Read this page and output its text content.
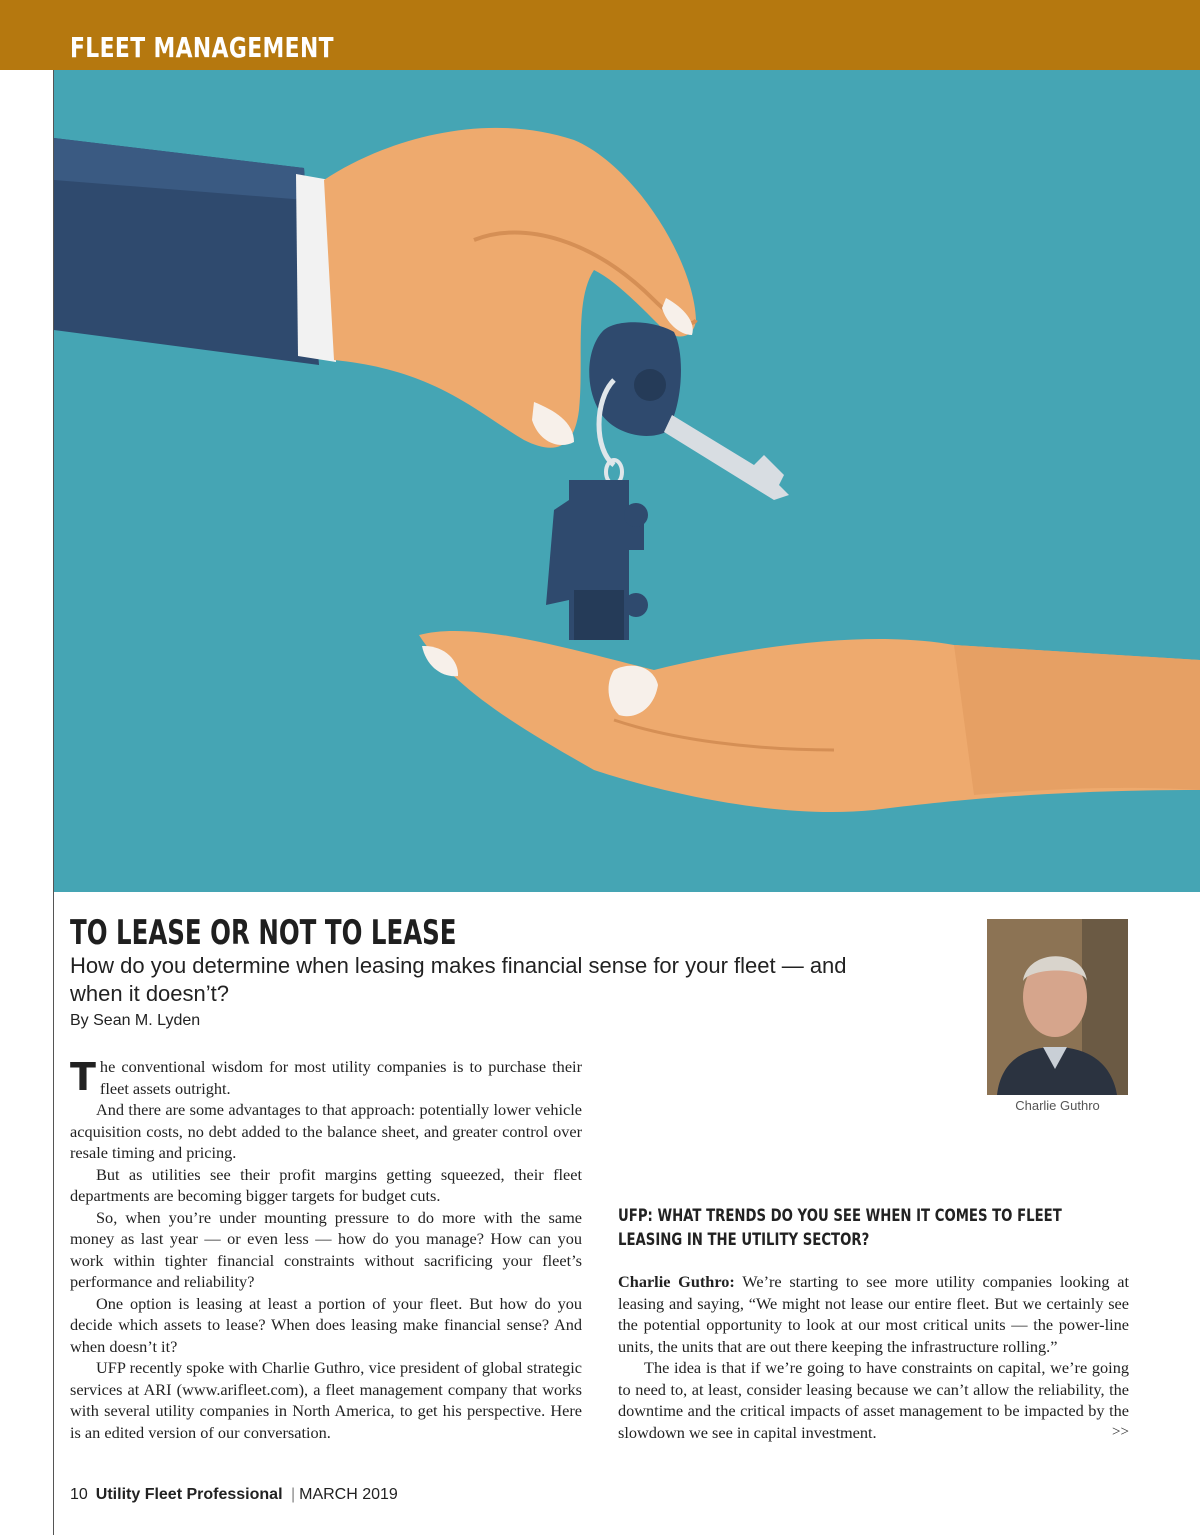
FLEET MANAGEMENT
TO LEASE OR NOT TO LEASE
How do you determine when leasing makes financial sense for your fleet — and when it doesn’t?
By Sean M. Lyden

The conventional wisdom for most utility companies is to purchase their fleet assets outright.

And there are some advantages to that approach: potentially lower vehicle acquisition costs, no debt added to the balance sheet, and greater control over resale timing and pricing.

But as utilities see their profit margins getting squeezed, their fleet departments are becoming bigger targets for budget cuts.

So, when you’re under mounting pressure to do more with the same money as last year — or even less — how do you manage? How can you work within tighter financial constraints without sacrificing your fleet’s performance and reliability?

One option is leasing at least a portion of your fleet. But how do you decide which assets to lease? When does leasing make financial sense? And when doesn’t it?

UFP recently spoke with Charlie Guthro, vice president of global strategic services at ARI (www.arifleet.com), a fleet management company that works with several utility companies in North America, to get his perspective. Here is an edited version of our conversation.

Charlie Guthro
UFP: WHAT TRENDS DO YOU SEE WHEN IT COMES TO FLEET LEASING IN THE UTILITY SECTOR?

Charlie Guthro: We’re starting to see more utility companies looking at leasing and saying, “We might not lease our entire fleet. But we certainly see the potential opportunity to look at our most critical units — the power-line units, the units that are out there keeping the infrastructure rolling.”

The idea is that if we’re going to have constraints on capital, we’re going to need to, at least, consider leasing because we can’t allow the reliability, the downtime and the critical impacts of asset management to be impacted by the slowdown we see in capital investment.	>>
10 Utility Fleet Professional | MARCH 2019
